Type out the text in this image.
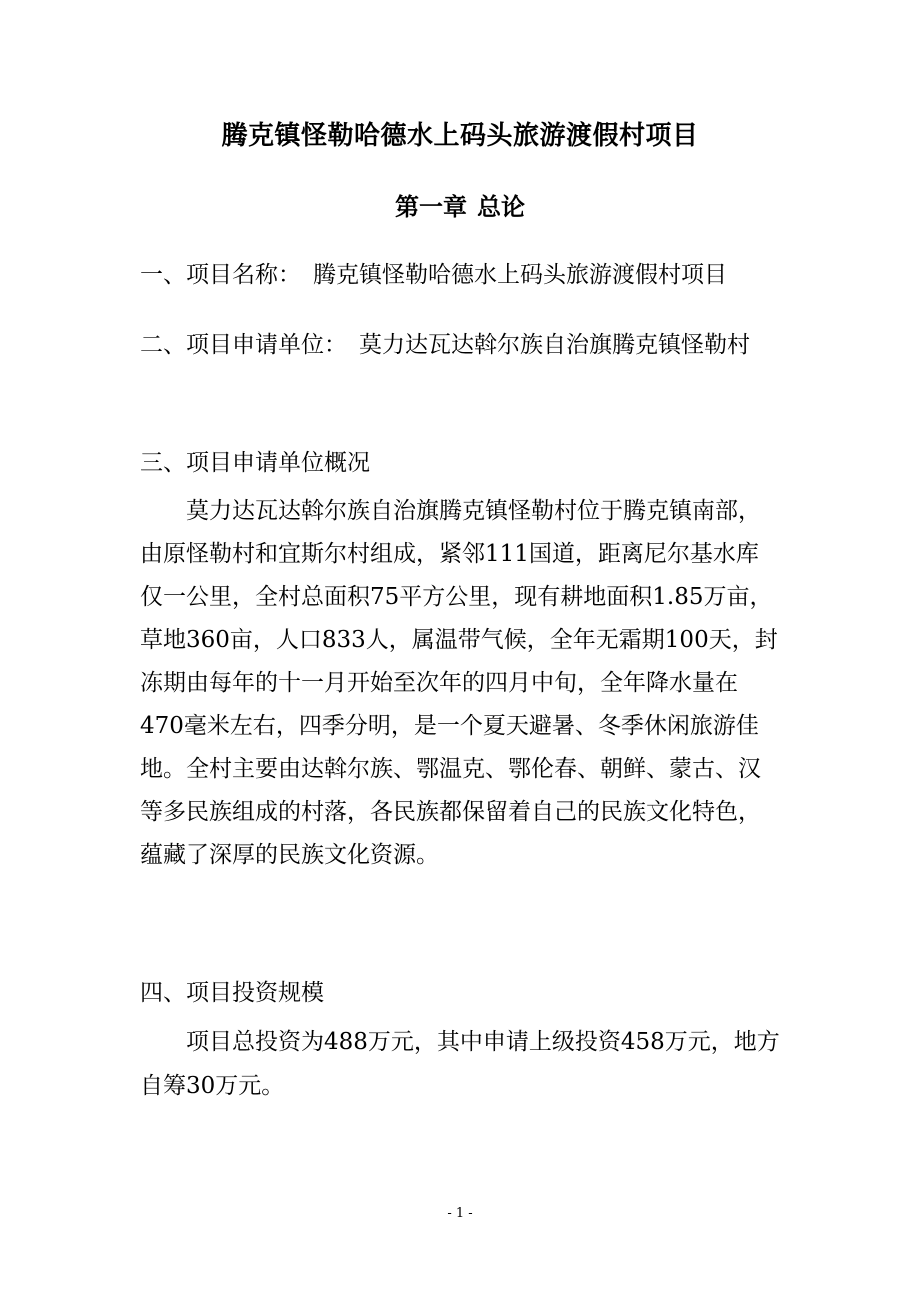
腾克镇怪勒哈德水上码头旅游渡假村项目
第一章 总论

一、项目名称： 腾克镇怪勒哈德水上码头旅游渡假村项目

二、项目申请单位： 莫力达瓦达斡尔族自治旗腾克镇怪勒村

三、项目申请单位概况

莫力达瓦达斡尔族自治旗腾克镇怪勒村位于腾克镇南部，由原怪勒村和宜斯尔村组成，紧邻111国道，距离尼尔基水库仅一公里，全村总面积75平方公里，现有耕地面积1.85万亩，草地360亩，人口833人，属温带气候，全年无霜期100天，封冻期由每年的十一月开始至次年的四月中旬，全年降水量在470毫米左右，四季分明，是一个夏天避暑、冬季休闲旅游佳地。全村主要由达斡尔族、鄂温克、鄂伦春、朝鲜、蒙古、汉等多民族组成的村落，各民族都保留着自己的民族文化特色，蕴藏了深厚的民族文化资源。

四、项目投资规模

项目总投资为488万元，其中申请上级投资458万元，地方自筹30万元。

- 1 -
